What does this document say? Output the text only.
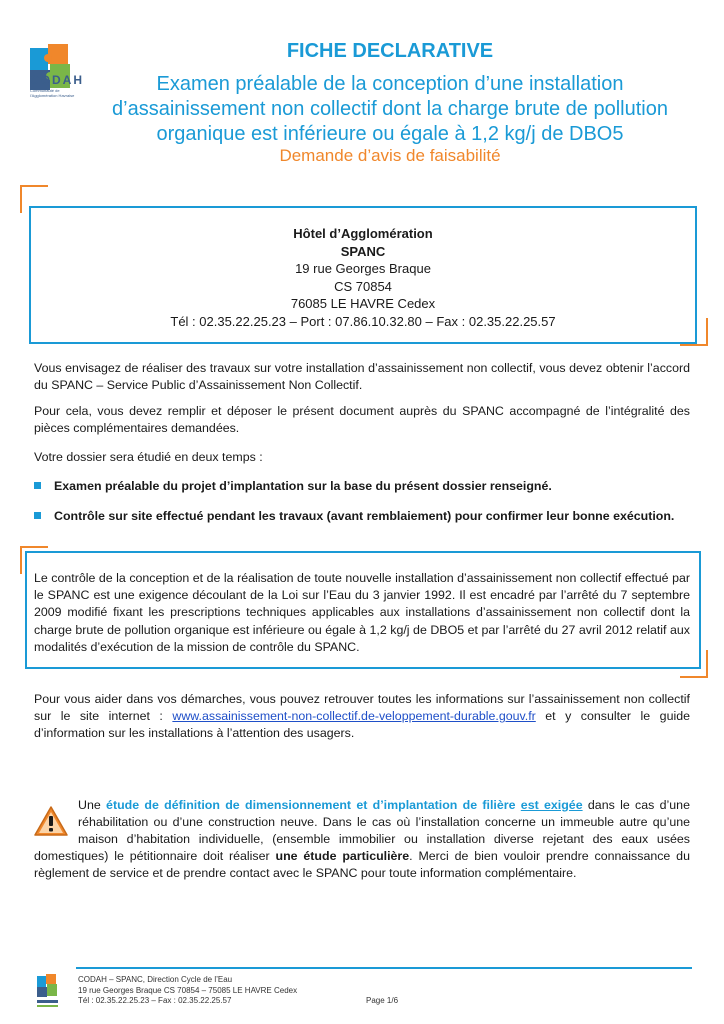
CODAH
Communauté de l'Agglomération Havraise
FICHE DECLARATIVE
Examen préalable de la conception d’une installation
d’assainissement non collectif dont la charge brute de pollution
organique est inférieure ou égale à 1,2 kg/j de DBO5
Demande d’avis de faisabilité
Hôtel d’Agglomération
SPANC
19 rue Georges Braque
CS 70854
76085 LE HAVRE Cedex
Tél : 02.35.22.25.23 – Port : 07.86.10.32.80 – Fax : 02.35.22.25.57
Vous envisagez de réaliser des travaux sur votre installation d’assainissement non collectif, vous devez obtenir l’accord du SPANC – Service Public d’Assainissement Non Collectif.
Pour cela, vous devez remplir et déposer le présent document auprès du SPANC accompagné de l’intégralité des pièces complémentaires demandées.
Votre dossier sera étudié en deux temps :
Examen préalable du projet d’implantation sur la base du présent dossier renseigné.
Contrôle sur site effectué pendant les travaux (avant remblaiement) pour confirmer leur bonne exécution.
Le contrôle de la conception et de la réalisation de toute nouvelle installation d’assainissement non collectif effectué par le SPANC est une exigence découlant de la Loi sur l’Eau du 3 janvier 1992. Il est encadré par l’arrêté du 7 septembre 2009 modifié fixant les prescriptions techniques applicables aux installations d’assainissement non collectif dont la charge brute de pollution organique est inférieure ou égale à 1,2 kg/j de DBO5 et par l’arrêté du 27 avril 2012 relatif aux modalités d’exécution de la mission de contrôle du SPANC.
Pour vous aider dans vos démarches, vous pouvez retrouver toutes les informations sur l’assainissement non collectif sur le site internet : www.assainissement-non-collectif.de-veloppement-durable.gouv.fr et y consulter le guide d’information sur les installations à l’attention des usagers.
Une étude de définition de dimensionnement et d’implantation de filière est exigée dans le cas d’une réhabilitation ou d’une construction neuve. Dans le cas où l’installation concerne un immeuble autre qu’une maison d’habitation individuelle, (ensemble immobilier ou installation diverse rejetant des eaux usées domestiques) le pétitionnaire doit réaliser une étude particulière. Merci de bien vouloir prendre connaissance du règlement de service et de prendre contact avec le SPANC pour toute information complémentaire.
CODAH – SPANC, Direction Cycle de l’Eau
19 rue Georges Braque CS 70854 – 75085 LE HAVRE Cedex
Tél : 02.35.22.25.23 – Fax : 02.35.22.25.57	Page 1/6
